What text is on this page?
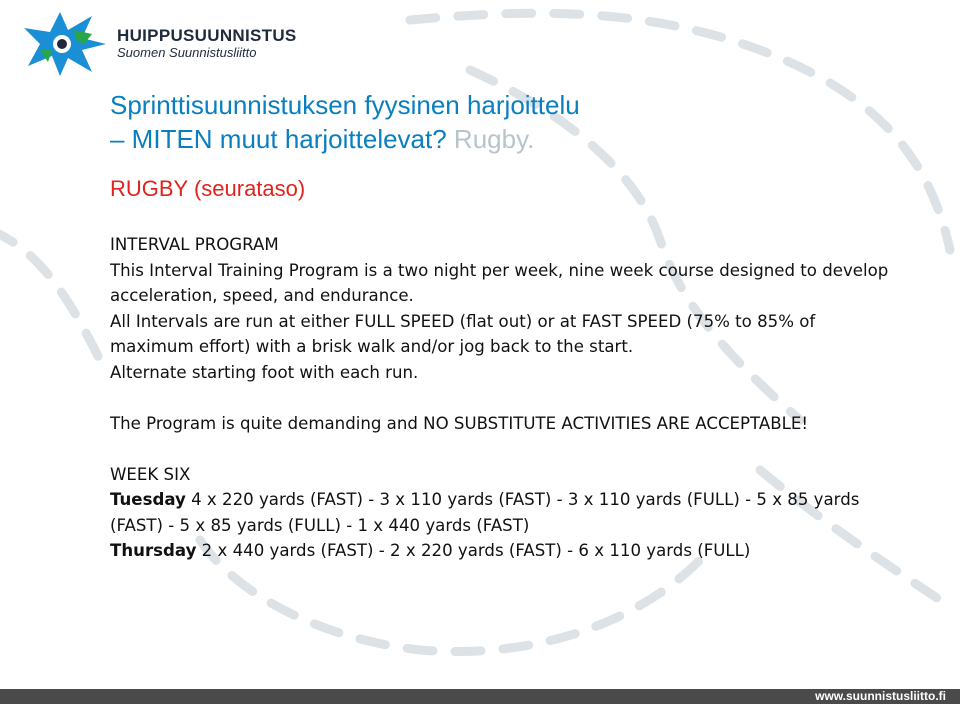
HUIPPUSUUNNISTUS
Suomen Suunnistusliitto
Sprinttisuunnistuksen fyysinen harjoittelu
– MITEN muut harjoittelevat? Rugby.
RUGBY (seurataso)

INTERVAL PROGRAM

This Interval Training Program is a two night per week, nine week course designed to develop acceleration, speed, and endurance.

All Intervals are run at either FULL SPEED (flat out) or at FAST SPEED (75% to 85% of maximum effort) with a brisk walk and/or jog back to the start.

Alternate starting foot with each run.

The Program is quite demanding and NO SUBSTITUTE ACTIVITIES ARE ACCEPTABLE!

WEEK SIX

Tuesday 4 x 220 yards (FAST) - 3 x 110 yards (FAST) - 3 x 110 yards (FULL) - 5 x 85 yards (FAST) - 5 x 85 yards (FULL) - 1 x 440 yards (FAST)

Thursday 2 x 440 yards (FAST) - 2 x 220 yards (FAST) - 6 x 110 yards (FULL)

www.suunnistusliitto.fi
